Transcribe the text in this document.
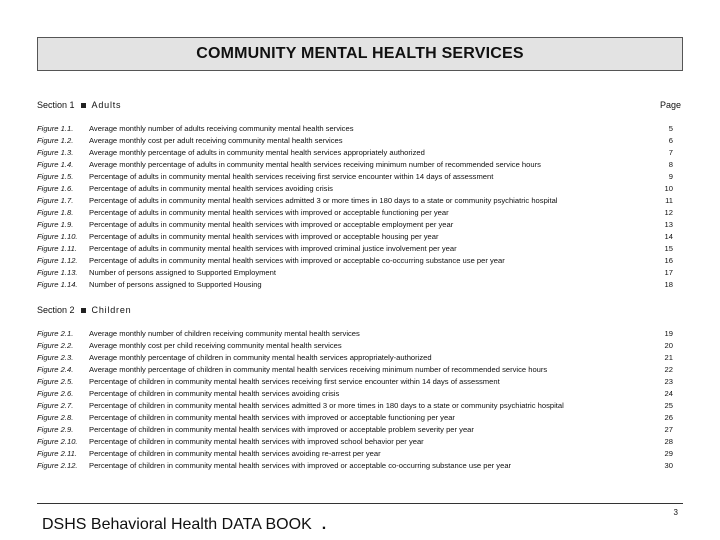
COMMUNITY MENTAL HEALTH SERVICES
Section 1 Adults	Page
Figure 1.1.	Average monthly number of adults receiving community mental health services	5
Figure 1.2.	Average monthly cost per adult receiving community mental health services	6
Figure 1.3.	Average monthly percentage of adults in community mental health services appropriately authorized	7
Figure 1.4.	Average monthly percentage of adults in community mental health services receiving minimum number of recommended service hours	8
Figure 1.5.	Percentage of adults in community mental health services receiving first service encounter within 14 days of assessment	9
Figure 1.6.	Percentage of adults in community mental health services avoiding crisis	10
Figure 1.7.	Percentage of adults in community mental health services admitted 3 or more times in 180 days to a state or community psychiatric hospital	11
Figure 1.8.	Percentage of adults in community mental health services with improved or acceptable functioning per year	12
Figure 1.9.	Percentage of adults in community mental health services with improved or acceptable employment per year	13
Figure 1.10.	Percentage of adults in community mental health services with improved or acceptable housing per year	14
Figure 1.11.	Percentage of adults in community mental health services with improved criminal justice involvement per year	15
Figure 1.12.	Percentage of adults in community mental health services with improved or acceptable co-occurring substance use per year	16
Figure 1.13.	Number of persons assigned to Supported Employment	17
Figure 1.14.	Number of persons assigned to Supported Housing	18
Section 2 Children
Figure 2.1.	Average monthly number of children receiving community mental health services	19
Figure 2.2.	Average monthly cost per child receiving community mental health services	20
Figure 2.3.	Average monthly percentage of children in community mental health services appropriately-authorized	21
Figure 2.4.	Average monthly percentage of children in community mental health services receiving minimum number of recommended service hours	22
Figure 2.5.	Percentage of children in community mental health services receiving first service encounter within 14 days of assessment	23
Figure 2.6.	Percentage of children in community mental health services avoiding crisis	24
Figure 2.7.	Percentage of children in community mental health services admitted 3 or more times in 180 days to a state or community psychiatric hospital	25
Figure 2.8.	Percentage of children in community mental health services with improved or acceptable functioning per year	26
Figure 2.9.	Percentage of children in community mental health services with improved or acceptable problem severity per year	27
Figure 2.10.	Percentage of children in community mental health services with improved school behavior per year	28
Figure 2.11.	Percentage of children in community mental health services avoiding re-arrest per year	29
Figure 2.12.	Percentage of children in community mental health services with improved or acceptable co-occurring substance use per year	30
3
DSHS Behavioral Health DATA BOOK .
